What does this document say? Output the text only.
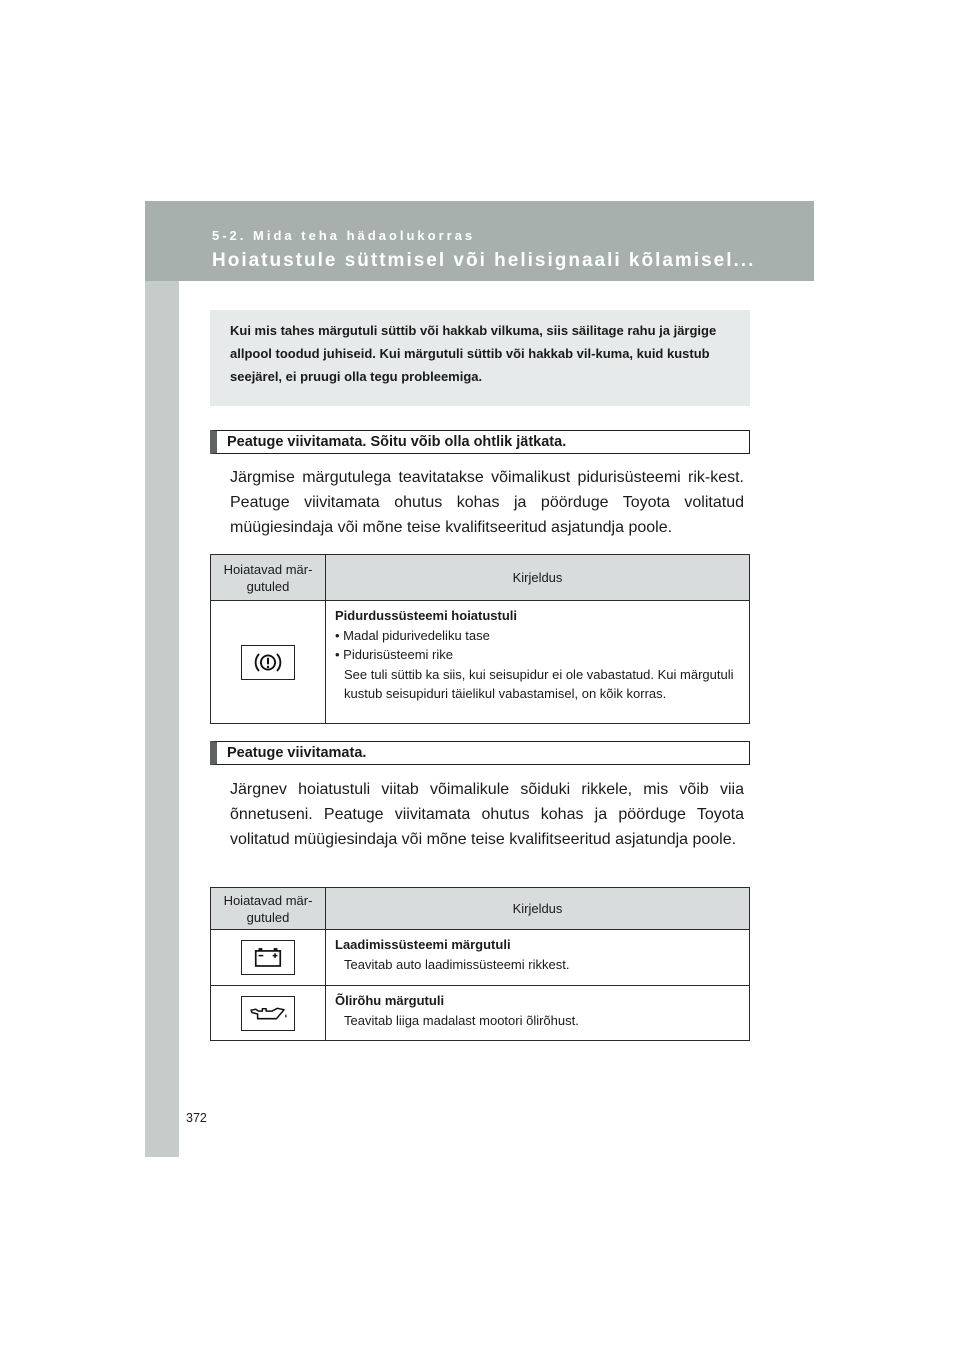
5-2. Mida teha hädaolukorras
Hoiatustule süttmisel või helisignaali kõlamisel...
Kui mis tahes märgutuli süttib või hakkab vilkuma, siis säilitage rahu ja järgige allpool toodud juhiseid. Kui märgutuli süttib või hakkab vil-kuma, kuid kustub seejärel, ei pruugi olla tegu probleemiga.
Peatuge viivitamata. Sõitu võib olla ohtlik jätkata.
Järgmise märgutulega teavitatakse võimalikust pidurisüsteemi rik-kest. Peatuge viivitamata ohutus kohas ja pöörduge Toyota volitatud müügiesindaja või mõne teise kvalifitseeritud asjatundja poole.
Hoiatavad mär-
gutuled	Kirjeldus

	Pidurdussüsteemi hoiatustuli
• Madal pidurivedeliku tase
• Pidurisüsteemi rike
See tuli süttib ka siis, kui seisupidur ei ole vabastatud. Kui märgutuli kustub seisupiduri täielikul vabastamisel, on kõik korras.
Peatuge viivitamata.
Järgnev hoiatustuli viitab võimalikule sõiduki rikkele, mis võib viia õnnetuseni. Peatuge viivitamata ohutus kohas ja pöörduge Toyota volitatud müügiesindaja või mõne teise kvalifitseeritud asjatundja poole.
Hoiatavad mär-
gutuled	Kirjeldus

	Laadimissüsteemi märgutuli
Teavitab auto laadimissüsteemi rikkest.

	Õlirõhu märgutuli
Teavitab liiga madalast mootori õlirõhust.
372
